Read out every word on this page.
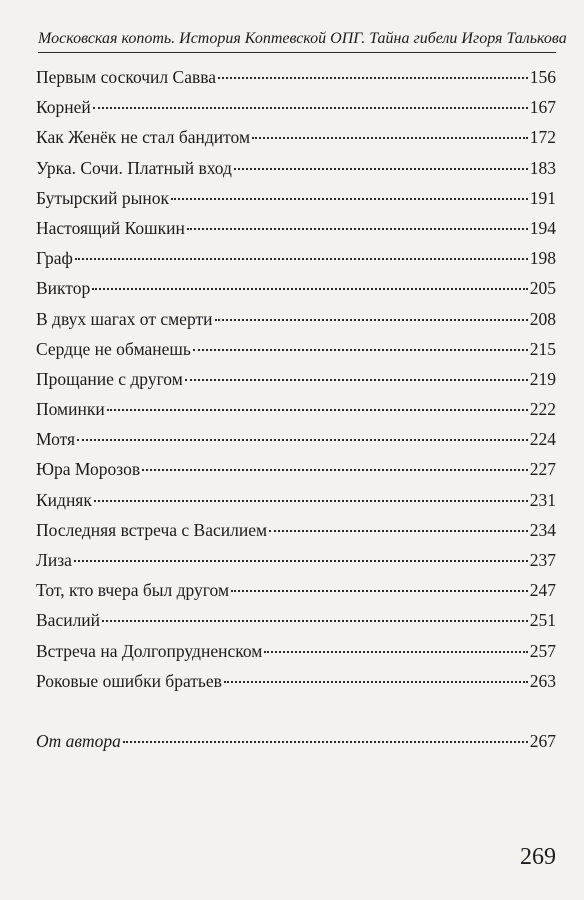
Московская копоть. История Коптевской ОПГ. Тайна гибели Игоря Талькова
Первым соскочил Савва	156
Корней	167
Как Женёк не стал бандитом	172
Урка. Сочи. Платный вход	183
Бутырский рынок	191
Настоящий Кошкин	194
Граф	198
Виктор	205
В двух шагах от смерти	208
Сердце не обманешь	215
Прощание с другом	219
Поминки	222
Мотя	224
Юра Морозов	227
Кидняк	231
Последняя встреча с Василием	234
Лиза	237
Тот, кто вчера был другом	247
Василий	251
Встреча на Долгопрудненском	257
Роковые ошибки братьев	263
От автора	267
269
